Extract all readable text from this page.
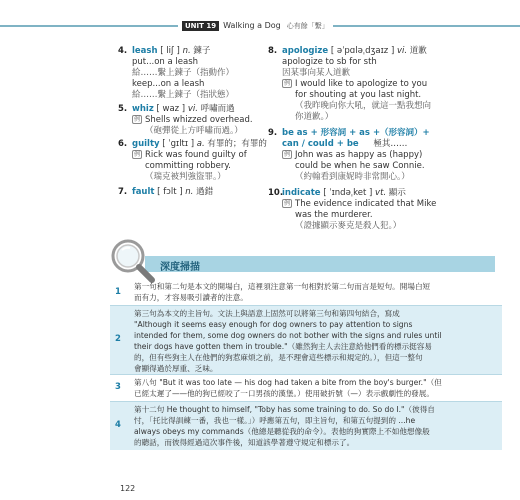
UNIT 19 Walking a Dog 心有餘「繫」
4. leash [ liʃ ] n. 鍊子
put...on a leash
給……繫上鍊子（指動作）
keep...on a leash
給……繫上鍊子（指狀態）
5. whiz [ waz ] vi. 呼嘯而過
例 Shells whizzed overhead.
（砲彈從上方呼嘯而過。）
6. guilty [ ˈgɪltɪ ] a. 有罪的；有罪的
例 Rick was found guilty of
committing robbery.
（瑞克被判強盜罪。）
7. fault [ fɔlt ] n. 過錯
8. apologize [ əˈpɑləˌdʒaɪz ] vi. 道歉
apologize to sb for sth
因某事向某人道歉
例 I would like to apologize to you
for shouting at you last night.
（我昨晚向你大吼，就這一點我想向
你道歉。）
9. be as + 形容詞 + as +（形容詞）+
can / could + be 極其……
例 John was as happy as (happy)
could be when he saw Connie.
（約翰看到康妮時非常開心。）
10.indicate [ ˈɪndəˌket ] vt. 顯示
例 The evidence indicated that Mike
was the murderer.
（證據顯示麥克是殺人犯。）
深度掃描
第一句和第二句是本文的開場白，這裡須注意第一句相對於第二句而言是短句。開場白短
而有力，才容易吸引讀者的注意。
1
第三句為本文的主旨句。文法上與語意上固然可以將第三句和第四句結合，寫成
"Although it seems easy enough for dog owners to pay attention to signs
intended for them, some dog owners do not bother with the signs and rules until
their dogs have gotten them in trouble."（雖然狗主人去注意給他們看的標示挺容易
的，但有些狗主人在他們的狗惹麻煩之前，是不理會這些標示和規定的。），但這一整句
會顯得過於厚重、乏味。
2
第八句 "But it was too late — his dog had taken a bite from the boy's burger."（但
已經太遲了——他的狗已經咬了一口男孩的漢堡。）使用破折號（—）表示戲劇性的發展。
3
第十二句 He thought to himself, "Toby has some training to do. So do I."（彼得自
忖，「托比得訓練一番，我也一樣。」）呼應第五句，即主旨句，和第五句提到的 ...he
always obeys my commands（他總是聽從我的命令）。表他的狗實際上不如他想像般
的聽話，而彼得經過這次事件後，知道該學著遵守規定和標示了。
4
122
